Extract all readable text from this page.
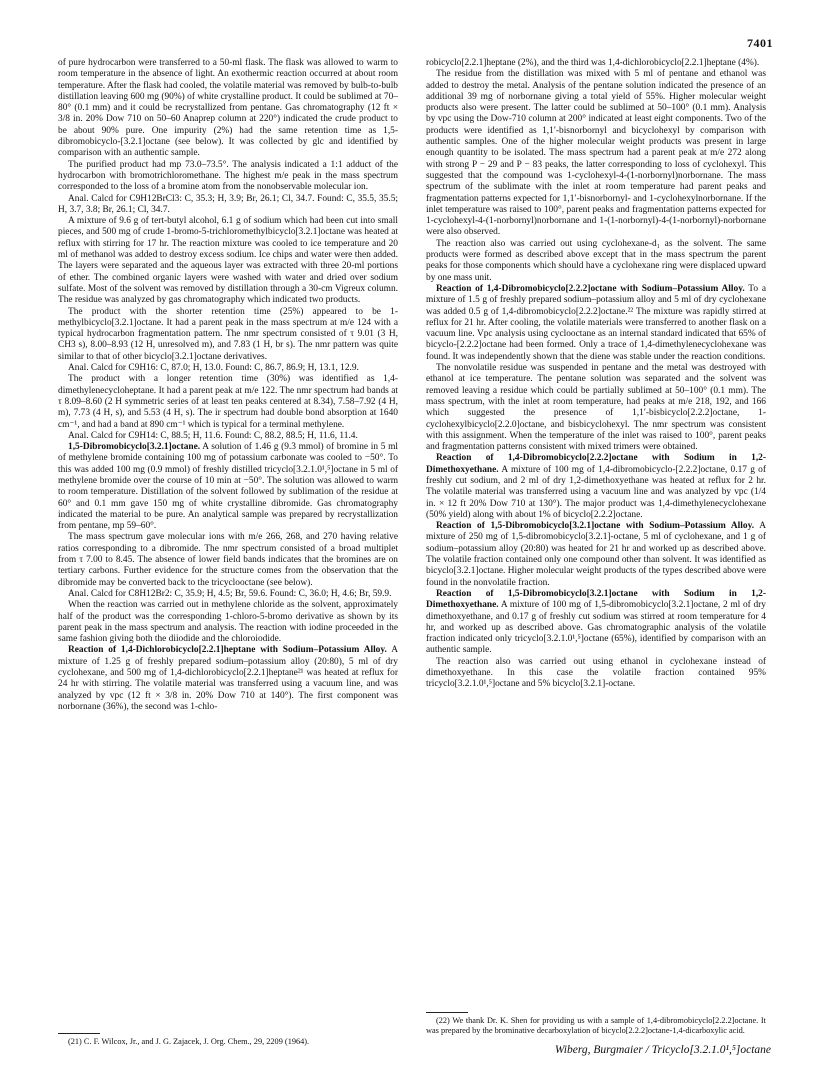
7401

of pure hydrocarbon were transferred to a 50-ml flask. The flask was allowed to warm to room temperature in the absence of light. An exothermic reaction occurred at about room temperature. After the flask had cooled, the volatile material was removed by bulb-to-bulb distillation leaving 600 mg (90%) of white crystalline product. It could be sublimed at 70–80° (0.1 mm) and it could be recrystallized from pentane. Gas chromatography (12 ft × 3/8 in. 20% Dow 710 on 50–60 Anaprep column at 220°) indicated the crude product to be about 90% pure. One impurity (2%) had the same retention time as 1,5-dibromobicyclo-[3.2.1]octane (see below). It was collected by glc and identified by comparison with an authentic sample.

The purified product had mp 73.0–73.5°. The analysis indicated a 1:1 adduct of the hydrocarbon with bromotrichloromethane. The highest m/e peak in the mass spectrum corresponded to the loss of a bromine atom from the nonobservable molecular ion.

Anal. Calcd for C9H12BrCl3: C, 35.3; H, 3.9; Br, 26.1; Cl, 34.7. Found: C, 35.5, 35.5; H, 3.7, 3.8; Br, 26.1; Cl, 34.7.

A mixture of 9.6 g of tert-butyl alcohol, 6.1 g of sodium which had been cut into small pieces, and 500 mg of crude 1-bromo-5-trichloromethylbicyclo[3.2.1]octane was heated at reflux with stirring for 17 hr. The reaction mixture was cooled to ice temperature and 20 ml of methanol was added to destroy excess sodium. Ice chips and water were then added. The layers were separated and the aqueous layer was extracted with three 20-ml portions of ether. The combined organic layers were washed with water and dried over sodium sulfate. Most of the solvent was removed by distillation through a 30-cm Vigreux column. The residue was analyzed by gas chromatography which indicated two products.

The product with the shorter retention time (25%) appeared to be 1-methylbicyclo[3.2.1]octane. It had a parent peak in the mass spectrum at m/e 124 with a typical hydrocarbon fragmentation pattern. The nmr spectrum consisted of τ 9.01 (3 H, CH3 s), 8.00–8.93 (12 H, unresolved m), and 7.83 (1 H, br s). The nmr pattern was quite similar to that of other bicyclo[3.2.1]octane derivatives.

Anal. Calcd for C9H16: C, 87.0; H, 13.0. Found: C, 86.7, 86.9; H, 13.1, 12.9.

The product with a longer retention time (30%) was identified as 1,4-dimethylenecycloheptane. It had a parent peak at m/e 122. The nmr spectrum had bands at τ 8.09–8.60 (2 H symmetric series of at least ten peaks centered at 8.34), 7.58–7.92 (4 H, m), 7.73 (4 H, s), and 5.53 (4 H, s). The ir spectrum had double bond absorption at 1640 cm⁻¹, and had a band at 890 cm⁻¹ which is typical for a terminal methylene.

Anal. Calcd for C9H14: C, 88.5; H, 11.6. Found: C, 88.2, 88.5; H, 11.6, 11.4.

1,5-Dibromobicyclo[3.2.1]octane. A solution of 1.46 g (9.3 mmol) of bromine in 5 ml of methylene bromide containing 100 mg of potassium carbonate was cooled to −50°. To this was added 100 mg (0.9 mmol) of freshly distilled tricyclo[3.2.1.0¹,⁵]octane in 5 ml of methylene bromide over the course of 10 min at −50°. The solution was allowed to warm to room temperature. Distillation of the solvent followed by sublimation of the residue at 60° and 0.1 mm gave 150 mg of white crystalline dibromide. Gas chromatography indicated the material to be pure. An analytical sample was prepared by recrystallization from pentane, mp 59–60°.

The mass spectrum gave molecular ions with m/e 266, 268, and 270 having relative ratios corresponding to a dibromide. The nmr spectrum consisted of a broad multiplet from τ 7.00 to 8.45. The absence of lower field bands indicates that the bromines are on tertiary carbons. Further evidence for the structure comes from the observation that the dibromide may be converted back to the tricyclooctane (see below).

Anal. Calcd for C8H12Br2: C, 35.9; H, 4.5; Br, 59.6. Found: C, 36.0; H, 4.6; Br, 59.9.

When the reaction was carried out in methylene chloride as the solvent, approximately half of the product was the corresponding 1-chloro-5-bromo derivative as shown by its parent peak in the mass spectrum and analysis. The reaction with iodine proceeded in the same fashion giving both the diiodide and the chloroiodide.

Reaction of 1,4-Dichlorobicyclo[2.2.1]heptane with Sodium–Potassium Alloy. A mixture of 1.25 g of freshly prepared sodium–potassium alloy (20:80), 5 ml of dry cyclohexane, and 500 mg of 1,4-dichlorobicyclo[2.2.1]heptane²¹ was heated at reflux for 24 hr with stirring. The volatile material was transferred using a vacuum line, and was analyzed by vpc (12 ft × 3/8 in. 20% Dow 710 at 140°). The first component was norbornane (36%), the second was 1-chlo-

robicyclo[2.2.1]heptane (2%), and the third was 1,4-dichlorobicyclo[2.2.1]heptane (4%).

The residue from the distillation was mixed with 5 ml of pentane and ethanol was added to destroy the metal. Analysis of the pentane solution indicated the presence of an additional 39 mg of norbornane giving a total yield of 55%. Higher molecular weight products also were present. The latter could be sublimed at 50–100° (0.1 mm). Analysis by vpc using the Dow-710 column at 200° indicated at least eight components. Two of the products were identified as 1,1′-bisnorbornyl and bicyclohexyl by comparison with authentic samples. One of the higher molecular weight products was present in large enough quantity to be isolated. The mass spectrum had a parent peak at m/e 272 along with strong P − 29 and P − 83 peaks, the latter corresponding to loss of cyclohexyl. This suggested that the compound was 1-cyclohexyl-4-(1-norbornyl)norbornane. The mass spectrum of the sublimate with the inlet at room temperature had parent peaks and fragmentation patterns expected for 1,1′-bisnorbornyl- and 1-cyclohexylnorbornane. If the inlet temperature was raised to 100°, parent peaks and fragmentation patterns expected for 1-cyclohexyl-4-(1-norbornyl)norbornane and 1-(1-norbornyl)-4-(1-norbornyl)-norbornane were also observed.

The reaction also was carried out using cyclohexane-d₁ as the solvent. The same products were formed as described above except that in the mass spectrum the parent peaks for those components which should have a cyclohexane ring were displaced upward by one mass unit.

Reaction of 1,4-Dibromobicyclo[2.2.2]octane with Sodium–Potassium Alloy. To a mixture of 1.5 g of freshly prepared sodium–potassium alloy and 5 ml of dry cyclohexane was added 0.5 g of 1,4-dibromobicyclo[2.2.2]octane.²² The mixture was rapidly stirred at reflux for 21 hr. After cooling, the volatile materials were transferred to another flask on a vacuum line. Vpc analysis using cyclooctane as an internal standard indicated that 65% of bicyclo-[2.2.2]octane had been formed. Only a trace of 1,4-dimethylenecyclohexane was found. It was independently shown that the diene was stable under the reaction conditions.

The nonvolatile residue was suspended in pentane and the metal was destroyed with ethanol at ice temperature. The pentane solution was separated and the solvent was removed leaving a residue which could be partially sublimed at 50–100° (0.1 mm). The mass spectrum, with the inlet at room temperature, had peaks at m/e 218, 192, and 166 which suggested the presence of 1,1′-bisbicyclo[2.2.2]octane, 1-cyclohexylbicyclo[2.2.0]octane, and bisbicyclohexyl. The nmr spectrum was consistent with this assignment. When the temperature of the inlet was raised to 100°, parent peaks and fragmentation patterns consistent with mixed trimers were obtained.

Reaction of 1,4-Dibromobicyclo[2.2.2]octane with Sodium in 1,2-Dimethoxyethane. A mixture of 100 mg of 1,4-dibromobicyclo-[2.2.2]octane, 0.17 g of freshly cut sodium, and 2 ml of dry 1,2-dimethoxyethane was heated at reflux for 2 hr. The volatile material was transferred using a vacuum line and was analyzed by vpc (1/4 in. × 12 ft 20% Dow 710 at 130°). The major product was 1,4-dimethylenecyclohexane (50% yield) along with about 1% of bicyclo[2.2.2]octane.

Reaction of 1,5-Dibromobicyclo[3.2.1]octane with Sodium–Potassium Alloy. A mixture of 250 mg of 1,5-dibromobicyclo[3.2.1]-octane, 5 ml of cyclohexane, and 1 g of sodium–potassium alloy (20:80) was heated for 21 hr and worked up as described above. The volatile fraction contained only one compound other than solvent. It was identified as bicyclo[3.2.1]octane. Higher molecular weight products of the types described above were found in the nonvolatile fraction.

Reaction of 1,5-Dibromobicyclo[3.2.1]octane with Sodium in 1,2-Dimethoxyethane. A mixture of 100 mg of 1,5-dibromobicyclo[3.2.1]octane, 2 ml of dry dimethoxyethane, and 0.17 g of freshly cut sodium was stirred at room temperature for 4 hr, and worked up as described above. Gas chromatographic analysis of the volatile fraction indicated only tricyclo[3.2.1.0¹,⁵]octane (65%), identified by comparison with an authentic sample.

The reaction also was carried out using ethanol in cyclohexane instead of dimethoxyethane. In this case the volatile fraction contained 95% tricyclo[3.2.1.0¹,⁵]octane and 5% bicyclo[3.2.1]-octane.

(22) We thank Dr. K. Shen for providing us with a sample of 1,4-dibromobicyclo[2.2.2]octane. It was prepared by the brominative decarboxylation of bicyclo[2.2.2]octane-1,4-dicarboxylic acid.
(21) C. F. Wilcox, Jr., and J. G. Zajacek, J. Org. Chem., 29, 2209 (1964).
Wiberg, Burgmaier / Tricyclo[3.2.1.0¹,⁵]octane
